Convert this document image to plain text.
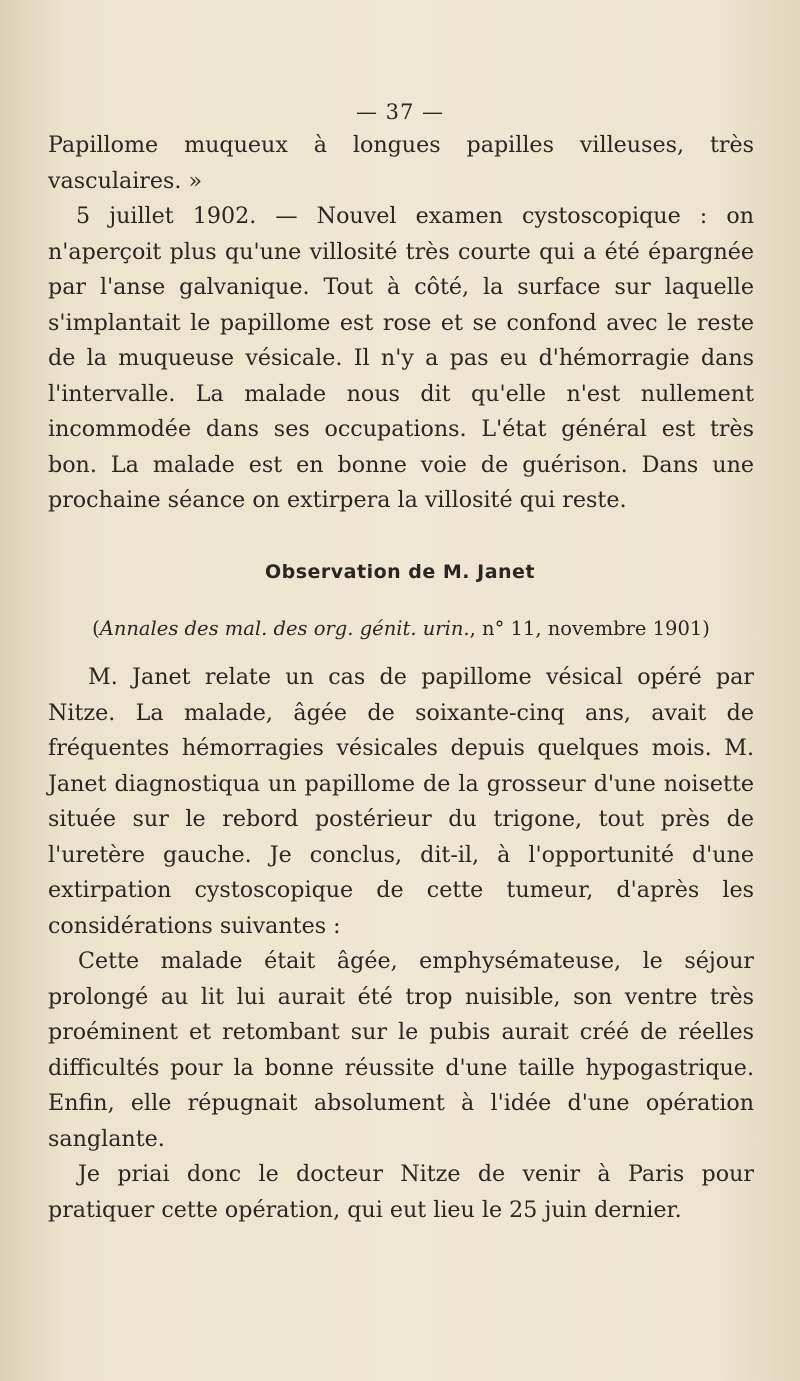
— 37 —

Papillome muqueux à longues papilles villeuses, très vasculaires. »

5 juillet 1902. — Nouvel examen cystoscopique : on n'aperçoit plus qu'une villosité très courte qui a été épargnée par l'anse galvanique. Tout à côté, la surface sur laquelle s'implantait le papillome est rose et se confond avec le reste de la muqueuse vésicale. Il n'y a pas eu d'hémorragie dans l'intervalle. La malade nous dit qu'elle n'est nullement incommodée dans ses occupations. L'état général est très bon. La malade est en bonne voie de guérison. Dans une prochaine séance on extirpera la villosité qui reste.

Observation de M. Janet
(Annales des mal. des org. génit. urin., n° 11, novembre 1901)

M. Janet relate un cas de papillome vésical opéré par Nitze. La malade, âgée de soixante-cinq ans, avait de fréquentes hémorragies vésicales depuis quelques mois. M. Janet diagnostiqua un papillome de la grosseur d'une noisette située sur le rebord postérieur du trigone, tout près de l'uretère gauche. Je conclus, dit-il, à l'opportunité d'une extirpation cystoscopique de cette tumeur, d'après les considérations suivantes :

Cette malade était âgée, emphysémateuse, le séjour prolongé au lit lui aurait été trop nuisible, son ventre très proéminent et retombant sur le pubis aurait créé de réelles difficultés pour la bonne réussite d'une taille hypogastrique. Enfin, elle répugnait absolument à l'idée d'une opération sanglante.

Je priai donc le docteur Nitze de venir à Paris pour pratiquer cette opération, qui eut lieu le 25 juin dernier.
